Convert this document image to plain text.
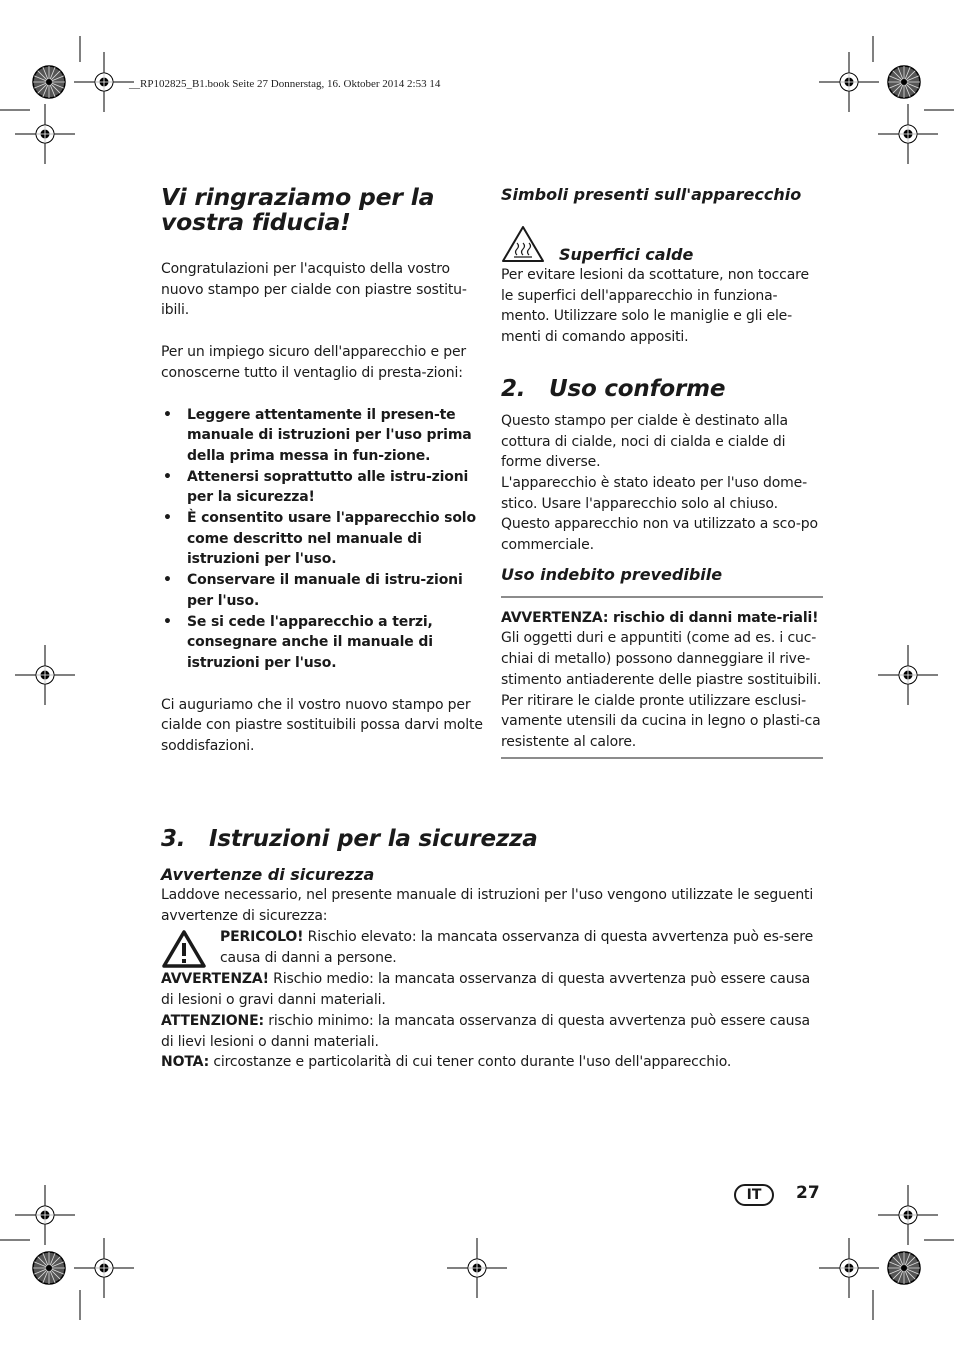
__RP102825_B1.book Seite 27 Donnerstag, 16. Oktober 2014 2:53 14
Vi ringraziamo per la
vostra fiducia!

Congratulazioni per l'acquisto della vostro nuovo stampo per cialde con piastre sostitu-ibili.

Per un impiego sicuro dell'apparecchio e per conoscerne tutto il ventaglio di presta-zioni:

• Leggere attentamente il presen-te manuale di istruzioni per l'uso prima della prima messa in fun-zione.
• Attenersi soprattutto alle istru-zioni per la sicurezza!
• È consentito usare l'apparecchio solo come descritto nel manuale di istruzioni per l'uso.
• Conservare il manuale di istru-zioni per l'uso.
• Se si cede l'apparecchio a terzi, consegnare anche il manuale di istruzioni per l'uso.

Ci auguriamo che il vostro nuovo stampo per cialde con piastre sostituibili possa darvi molte soddisfazioni.

Simboli presenti sull'apparecchio
Superfici calde

Per evitare lesioni da scottature, non toccare le superfici dell'apparecchio in funziona-mento. Utilizzare solo le maniglie e gli ele-menti di comando appositi.

2.	Uso conforme

Questo stampo per cialde è destinato alla cottura di cialde, noci di cialda e cialde di forme diverse.

L'apparecchio è stato ideato per l'uso dome-stico. Usare l'apparecchio solo al chiuso.

Questo apparecchio non va utilizzato a sco-po commerciale.

Uso indebito prevedibile

AVVERTENZA: rischio di danni mate-riali!

Gli oggetti duri e appuntiti (come ad es. i cuc-chiai di metallo) possono danneggiare il rive-stimento antiaderente delle piastre sostituibili.

Per ritirare le cialde pronte utilizzare esclusi-vamente utensili da cucina in legno o plasti-ca resistente al calore.

3.	Istruzioni per la sicurezza
Avvertenze di sicurezza

Laddove necessario, nel presente manuale di istruzioni per l'uso vengono utilizzate le seguenti avvertenze di sicurezza:

PERICOLO! Rischio elevato: la mancata osservanza di questa avvertenza può es-sere causa di danni a persone.

AVVERTENZA! Rischio medio: la mancata osservanza di questa avvertenza può essere causa di lesioni o gravi danni materiali.

ATTENZIONE: rischio minimo: la mancata osservanza di questa avvertenza può essere causa di lievi lesioni o danni materiali.

NOTA: circostanze e particolarità di cui tener conto durante l'uso dell'apparecchio.

IT	27
